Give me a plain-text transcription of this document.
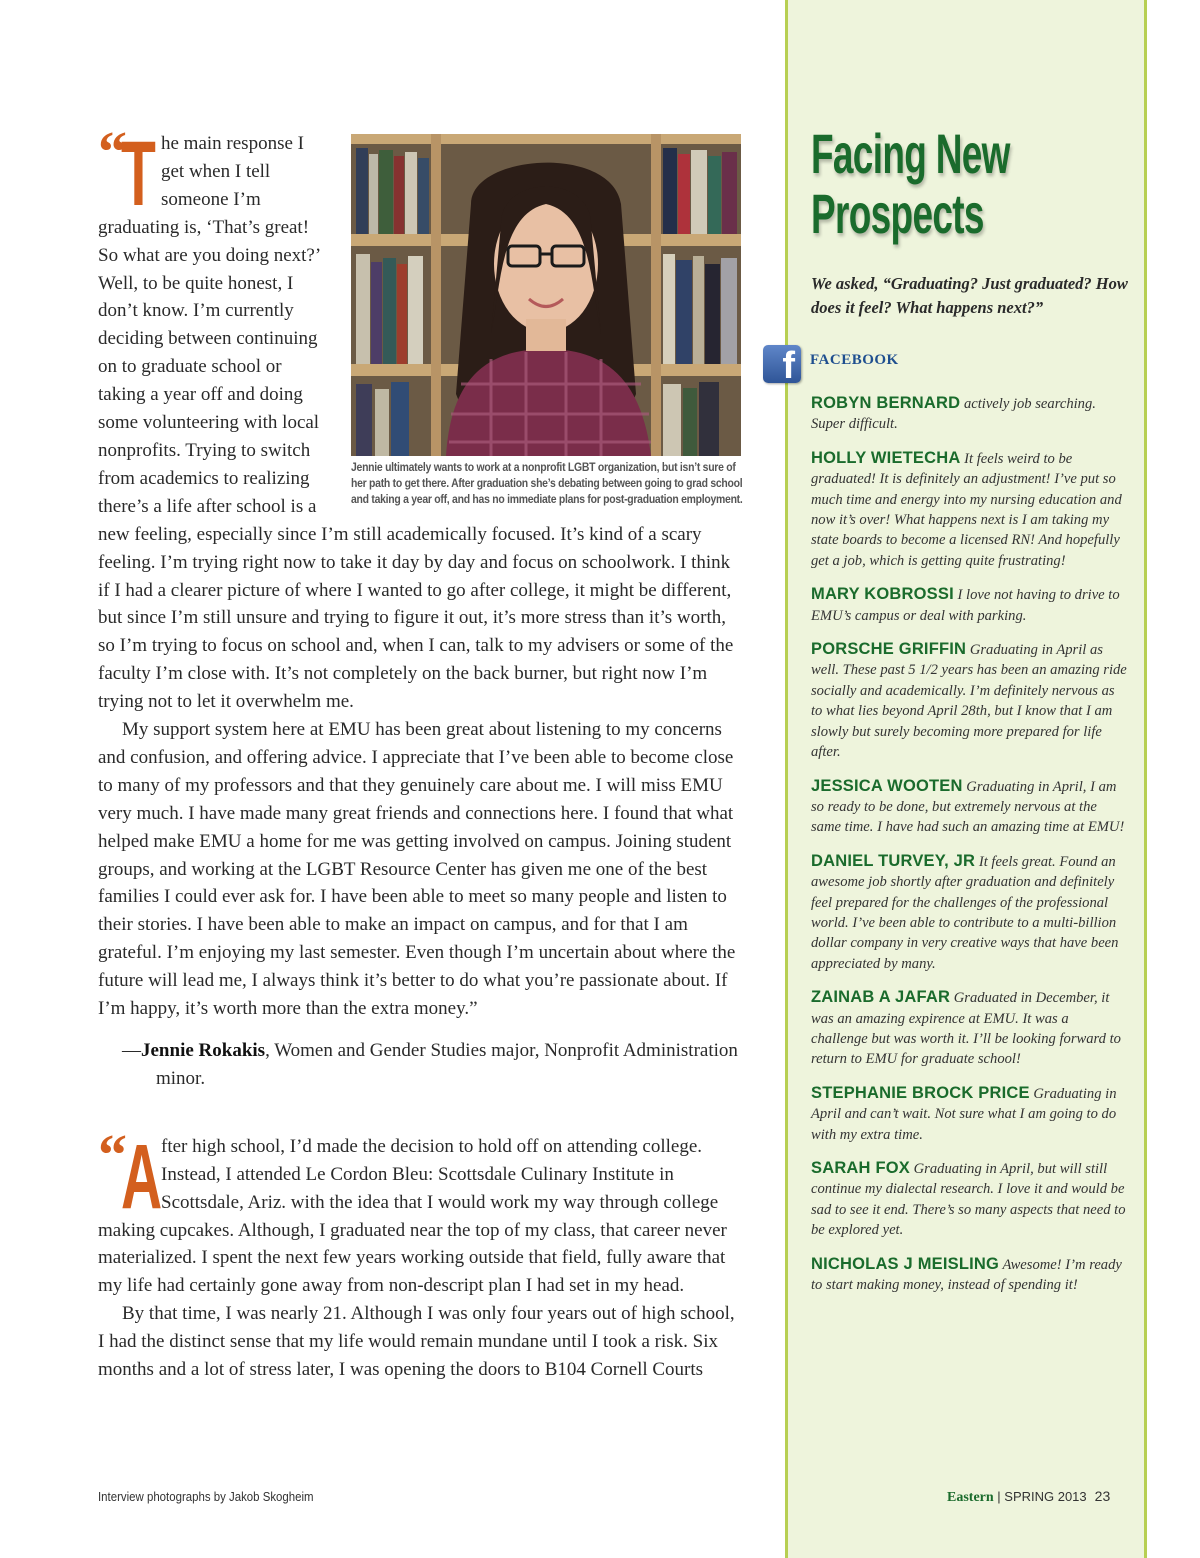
Jennie ultimately wants to work at a nonprofit LGBT organization, but isn’t sure of her path to get there. After graduation she’s debating between going to grad school and taking a year off, and has no immediate plans for post-graduation employment.
“ T he main response I get when I tell someone I’m graduating is, ‘That’s great! So what are you doing next?’ Well, to be quite honest, I don’t know. I’m currently deciding between continuing on to graduate school or taking a year off and doing some volunteering with local nonprofits. Trying to switch from academics to realizing there’s a life after school is a new feeling, especially since I’m still academically focused. It’s kind of a scary feeling. I’m trying right now to take it day by day and focus on schoolwork. I think if I had a clearer picture of where I wanted to go after college, it might be different, but since I’m still unsure and trying to figure it out, it’s more stress than it’s worth, so I’m trying to focus on school and, when I can, talk to my advisers or some of the faculty I’m close with. It’s not completely on the back burner, but right now I’m trying not to let it overwhelm me.

My support system here at EMU has been great about listening to my concerns and confusion, and offering advice. I appreciate that I’ve been able to become close to many of my professors and that they genuinely care about me. I will miss EMU very much. I have made many great friends and connections here. I found that what helped make EMU a home for me was getting involved on campus. Joining student groups, and working at the LGBT Resource Center has given me one of the best families I could ever ask for. I have been able to meet so many people and listen to their stories. I have been able to make an impact on campus, and for that I am grateful. I’m enjoying my last semester. Even though I’m uncertain about where the future will lead me, I always think it’s better to do what you’re passionate about. If I’m happy, it’s worth more than the extra money.”

—Jennie Rokakis, Women and Gender Studies major, Nonprofit Administration minor.

“ A

fter high school, I’d made the decision to hold off on attending college. Instead, I attended Le Cordon Bleu: Scottsdale Culinary Institute in Scottsdale, Ariz. with the idea that I would work my way through college making cupcakes. Although, I graduated near the top of my class, that career never materialized. I spent the next few years working outside that field, fully aware that my life had certainly gone away from non-descript plan I had set in my head.

By that time, I was nearly 21. Although I was only four years out of high school, I had the distinct sense that my life would remain mundane until I took a risk. Six months and a lot of stress later, I was opening the doors to B104 Cornell Courts

Facing New
Prospects
We asked, “Graduating? Just graduated? How does it feel? What happens next?”
f FACEBOOK
ROBYN BERNARD actively job searching. Super difficult.
HOLLY WIETECHA It feels weird to be graduated! It is definitely an adjustment! I’ve put so much time and energy into my nursing education and now it’s over! What happens next is I am taking my state boards to become a licensed RN! And hopefully get a job, which is getting quite frustrating!
MARY KOBROSSI I love not having to drive to EMU’s campus or deal with parking.
PORSCHE GRIFFIN Graduating in April as well. These past 5 1/2 years has been an amazing ride socially and academically. I’m definitely nervous as to what lies beyond April 28th, but I know that I am slowly but surely becoming more prepared for life after.
JESSICA WOOTEN Graduating in April, I am so ready to be done, but extremely nervous at the same time. I have had such an amazing time at EMU!
DANIEL TURVEY, JR It feels great. Found an awesome job shortly after graduation and definitely feel prepared for the challenges of the professional world. I’ve been able to contribute to a multi-billion dollar company in very creative ways that have been appreciated by many.
ZAINAB A JAFAR Graduated in December, it was an amazing expirence at EMU. It was a challenge but was worth it. I’ll be looking forward to return to EMU for graduate school!
STEPHANIE BROCK PRICE Graduating in April and can’t wait. Not sure what I am going to do with my extra time.
SARAH FOX Graduating in April, but will still continue my dialectal research. I love it and would be sad to see it end. There’s so many aspects that need to be explored yet.
NICHOLAS J MEISLING Awesome! I’m ready to start making money, instead of spending it!
Interview photographs by Jakob Skogheim	Eastern | SPRING 2013 23
